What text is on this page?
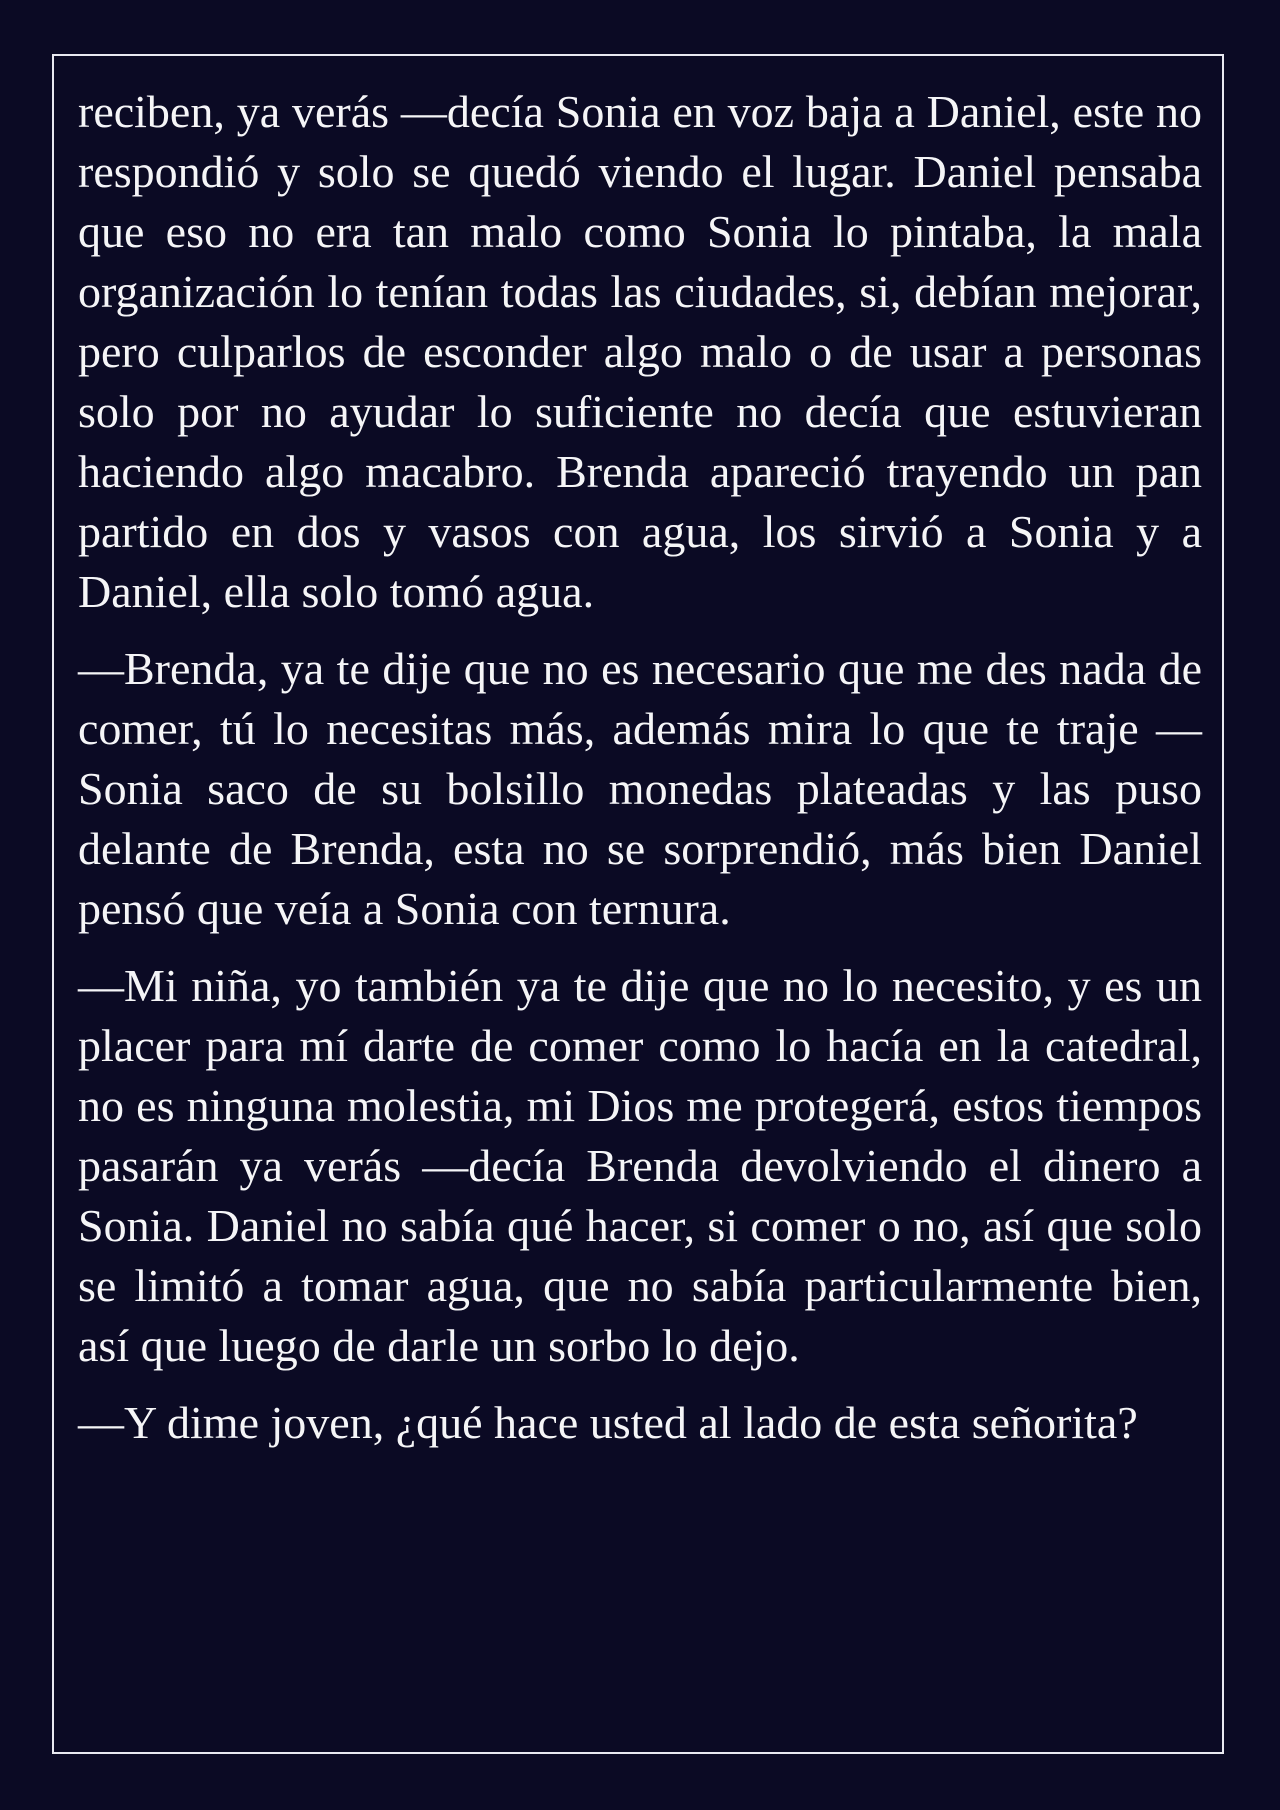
reciben, ya verás —decía Sonia en voz baja a Daniel, este no respondió y solo se quedó viendo el lugar. Daniel pensaba que eso no era tan malo como Sonia lo pintaba, la mala organización lo tenían todas las ciudades, si, debían mejorar, pero culparlos de esconder algo malo o de usar a personas solo por no ayudar lo suficiente no decía que estuvieran haciendo algo macabro. Brenda apareció trayendo un pan partido en dos y vasos con agua, los sirvió a Sonia y a Daniel, ella solo tomó agua.

—Brenda, ya te dije que no es necesario que me des nada de comer, tú lo necesitas más, además mira lo que te traje —Sonia saco de su bolsillo monedas plateadas y las puso delante de Brenda, esta no se sorprendió, más bien Daniel pensó que veía a Sonia con ternura.

—Mi niña, yo también ya te dije que no lo necesito, y es un placer para mí darte de comer como lo hacía en la catedral, no es ninguna molestia, mi Dios me protegerá, estos tiempos pasarán ya verás —decía Brenda devolviendo el dinero a Sonia. Daniel no sabía qué hacer, si comer o no, así que solo se limitó a tomar agua, que no sabía particularmente bien, así que luego de darle un sorbo lo dejo.

—Y dime joven, ¿qué hace usted al lado de esta señorita?
